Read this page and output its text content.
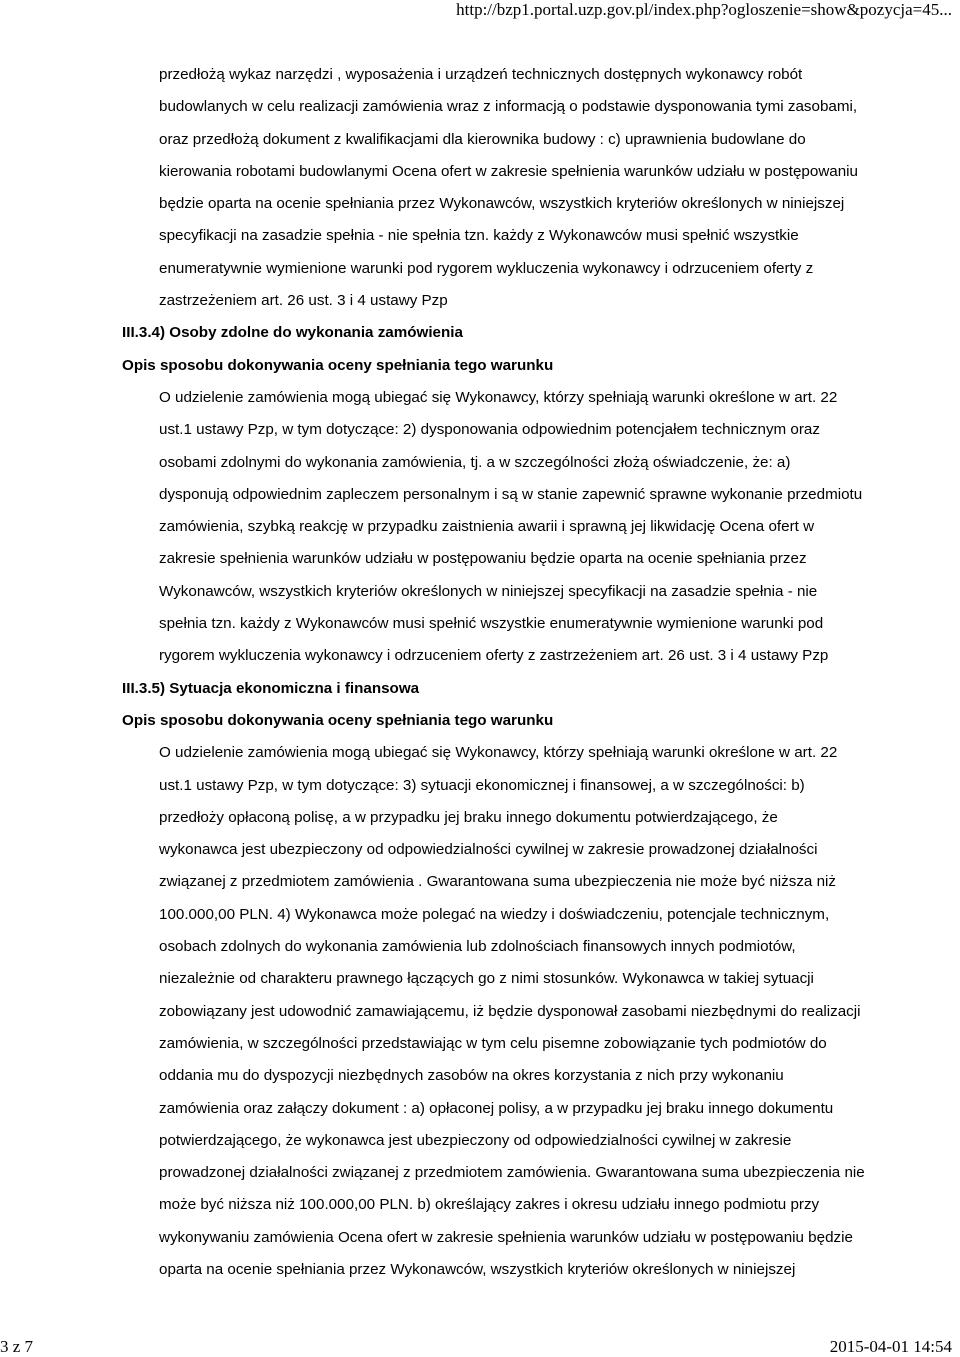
http://bzp1.portal.uzp.gov.pl/index.php?ogloszenie=show&pozycja=45...
przedłożą wykaz narzędzi , wyposażenia i urządzeń technicznych dostępnych wykonawcy robót
budowlanych w celu realizacji zamówienia wraz z informacją o podstawie dysponowania tymi zasobami,
oraz przedłożą dokument z kwalifikacjami dla kierownika budowy : c) uprawnienia budowlane do
kierowania robotami budowlanymi Ocena ofert w zakresie spełnienia warunków udziału w postępowaniu
będzie oparta na ocenie spełniania przez Wykonawców, wszystkich kryteriów określonych w niniejszej
specyfikacji na zasadzie spełnia - nie spełnia tzn. każdy z Wykonawców musi spełnić wszystkie
enumeratywnie wymienione warunki pod rygorem wykluczenia wykonawcy i odrzuceniem oferty z
zastrzeżeniem art. 26 ust. 3 i 4 ustawy Pzp
III.3.4) Osoby zdolne do wykonania zamówienia
Opis sposobu dokonywania oceny spełniania tego warunku
O udzielenie zamówienia mogą ubiegać się Wykonawcy, którzy spełniają warunki określone w art. 22
ust.1 ustawy Pzp, w tym dotyczące: 2) dysponowania odpowiednim potencjałem technicznym oraz
osobami zdolnymi do wykonania zamówienia, tj. a w szczególności złożą oświadczenie, że: a)
dysponują odpowiednim zapleczem personalnym i są w stanie zapewnić sprawne wykonanie przedmiotu
zamówienia, szybką reakcję w przypadku zaistnienia awarii i sprawną jej likwidację Ocena ofert w
zakresie spełnienia warunków udziału w postępowaniu będzie oparta na ocenie spełniania przez
Wykonawców, wszystkich kryteriów określonych w niniejszej specyfikacji na zasadzie spełnia - nie
spełnia tzn. każdy z Wykonawców musi spełnić wszystkie enumeratywnie wymienione warunki pod
rygorem wykluczenia wykonawcy i odrzuceniem oferty z zastrzeżeniem art. 26 ust. 3 i 4 ustawy Pzp
III.3.5) Sytuacja ekonomiczna i finansowa
Opis sposobu dokonywania oceny spełniania tego warunku
O udzielenie zamówienia mogą ubiegać się Wykonawcy, którzy spełniają warunki określone w art. 22
ust.1 ustawy Pzp, w tym dotyczące: 3) sytuacji ekonomicznej i finansowej, a w szczególności: b)
przedłoży opłaconą polisę, a w przypadku jej braku innego dokumentu potwierdzającego, że
wykonawca jest ubezpieczony od odpowiedzialności cywilnej w zakresie prowadzonej działalności
związanej z przedmiotem zamówienia . Gwarantowana suma ubezpieczenia nie może być niższa niż
100.000,00 PLN. 4) Wykonawca może polegać na wiedzy i doświadczeniu, potencjale technicznym,
osobach zdolnych do wykonania zamówienia lub zdolnościach finansowych innych podmiotów,
niezależnie od charakteru prawnego łączących go z nimi stosunków. Wykonawca w takiej sytuacji
zobowiązany jest udowodnić zamawiającemu, iż będzie dysponował zasobami niezbędnymi do realizacji
zamówienia, w szczególności przedstawiając w tym celu pisemne zobowiązanie tych podmiotów do
oddania mu do dyspozycji niezbędnych zasobów na okres korzystania z nich przy wykonaniu
zamówienia oraz załączy dokument : a) opłaconej polisy, a w przypadku jej braku innego dokumentu
potwierdzającego, że wykonawca jest ubezpieczony od odpowiedzialności cywilnej w zakresie
prowadzonej działalności związanej z przedmiotem zamówienia. Gwarantowana suma ubezpieczenia nie
może być niższa niż 100.000,00 PLN. b) określający zakres i okresu udziału innego podmiotu przy
wykonywaniu zamówienia Ocena ofert w zakresie spełnienia warunków udziału w postępowaniu będzie
oparta na ocenie spełniania przez Wykonawców, wszystkich kryteriów określonych w niniejszej
3 z 7	2015-04-01 14:54
